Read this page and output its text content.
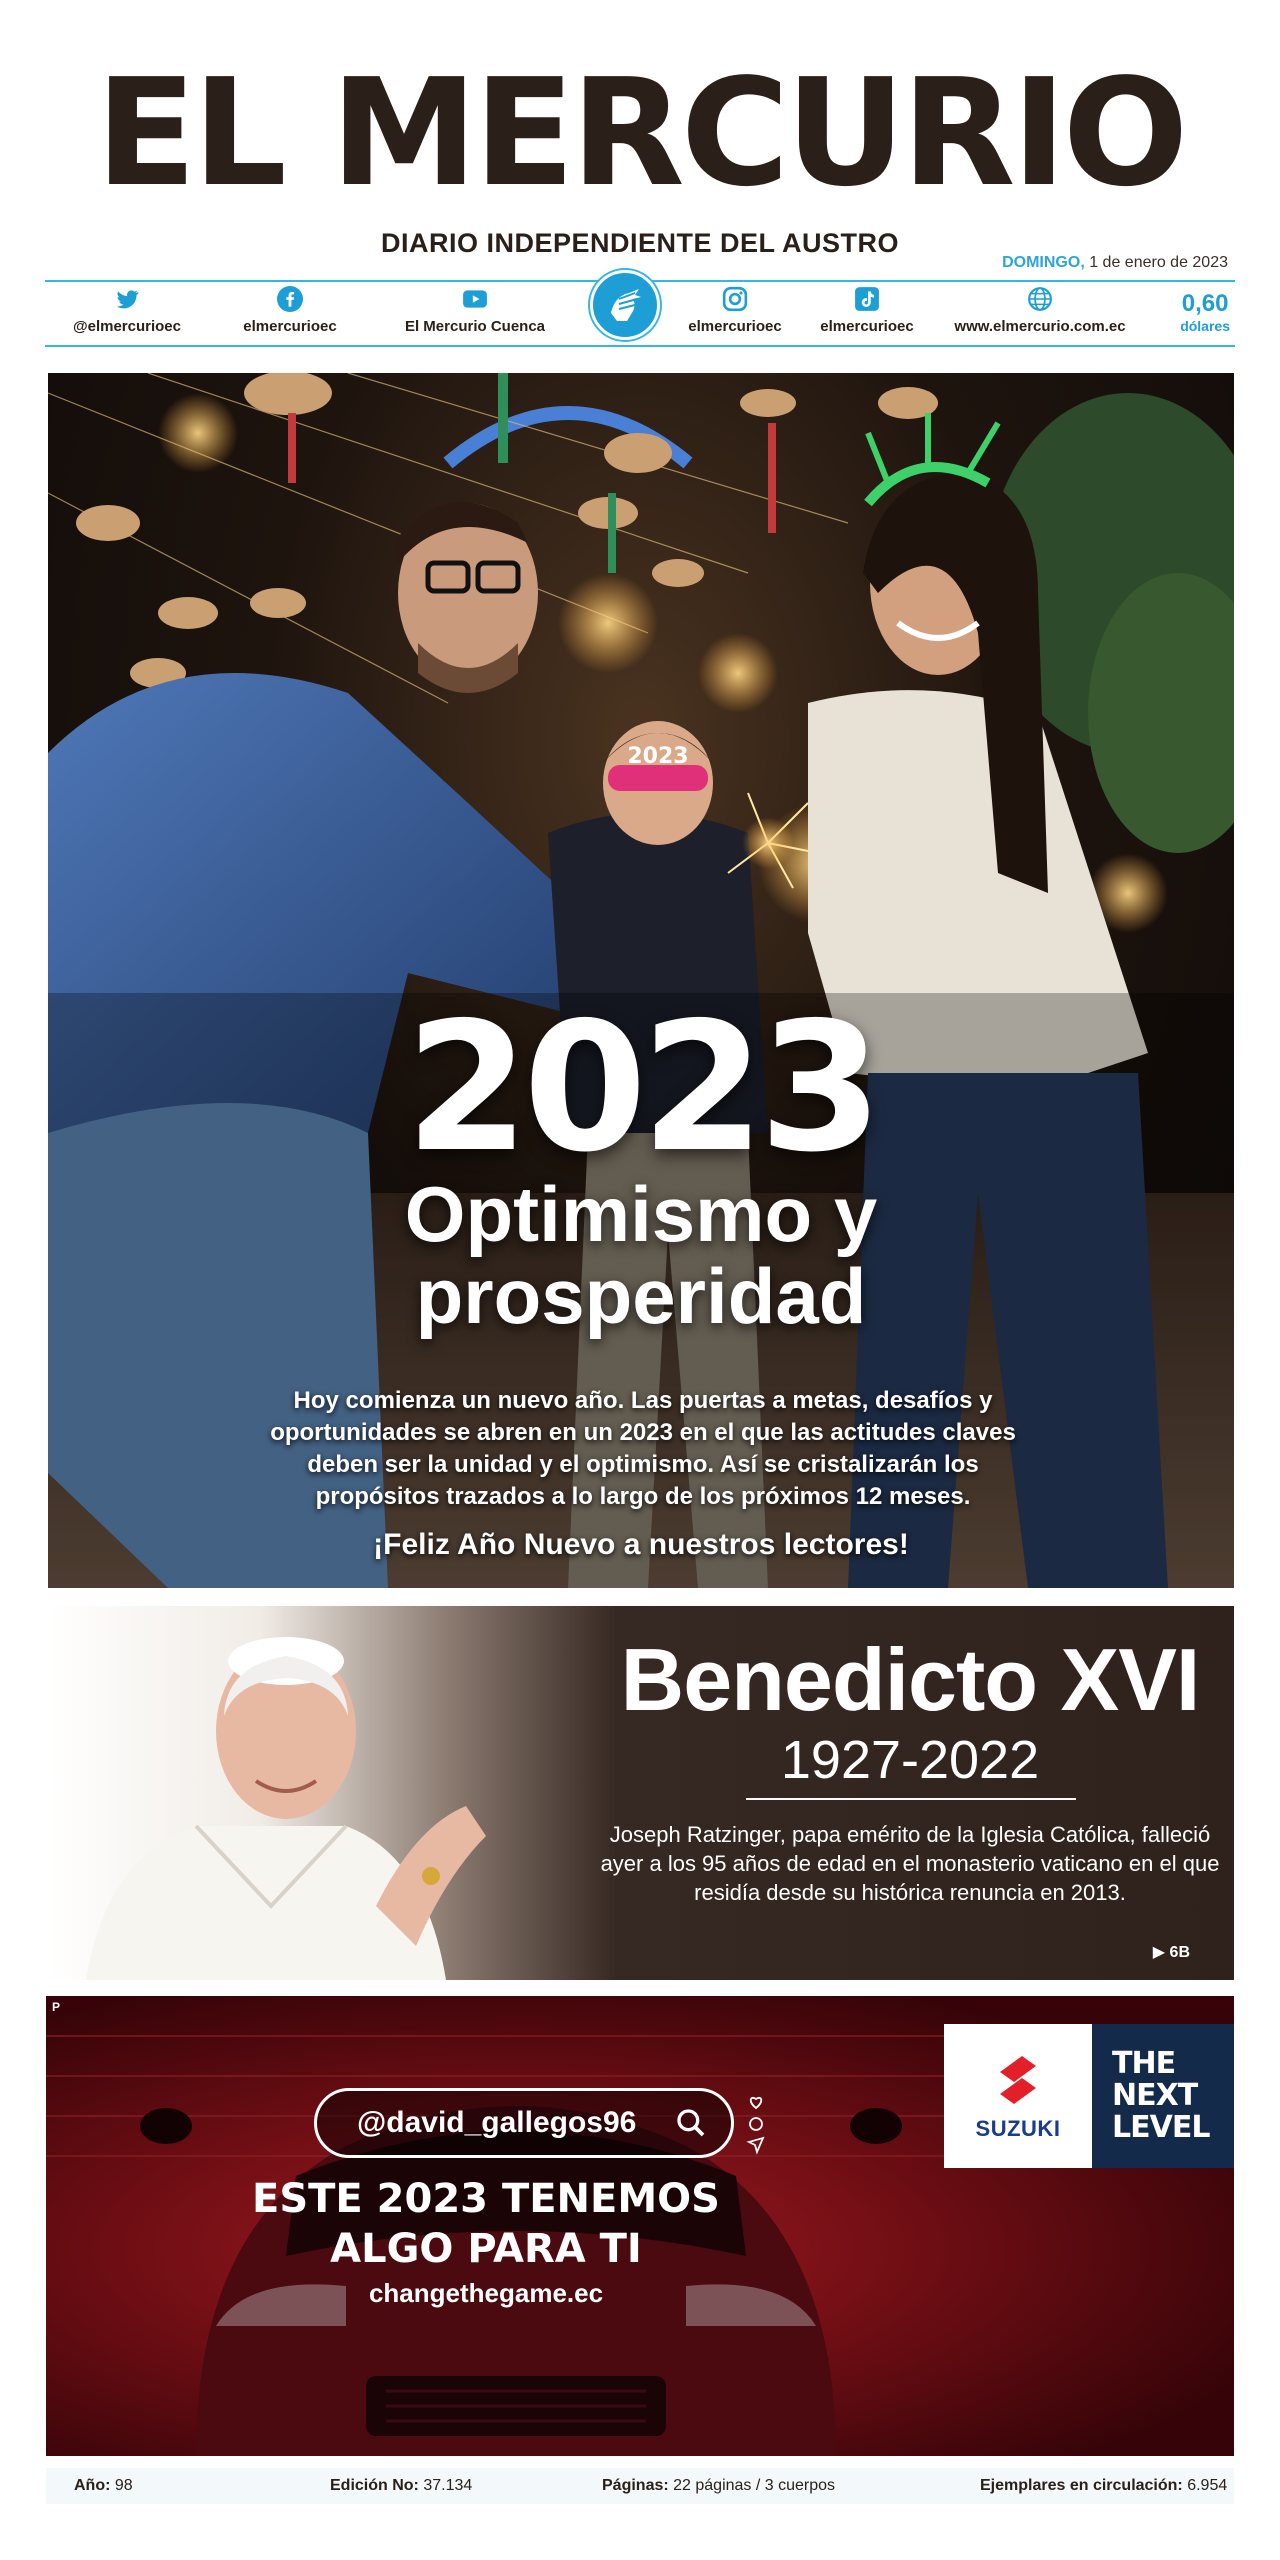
EL MERCURIO
DIARIO INDEPENDIENTE DEL AUSTRO
DOMINGO, 1 de enero de 2023
@elmercurioec	elmercurioec	El Mercurio Cuenca	elmercurioec	elmercurioec	www.elmercurio.com.ec
0,60
dólares
2023
2023
Optimismo y
prosperidad
Hoy comienza un nuevo año. Las puertas a metas, desafíos y oportunidades se abren en un 2023 en el que las actitudes claves deben ser la unidad y el optimismo. Así se cristalizarán los propósitos trazados a lo largo de los próximos 12 meses.
¡Feliz Año Nuevo a nuestros lectores!
Benedicto XVI
1927-2022
Joseph Ratzinger, papa emérito de la Iglesia Católica, falleció ayer a los 95 años de edad en el monasterio vaticano en el que residía desde su histórica renuncia en 2013.
▶ 6B
P
@david_gallegos96
ESTE 2023 TENEMOS
ALGO PARA TI
changethegame.ec
SUZUKI
THE
NEXT
LEVEL
Año: 98	Edición No: 37.134	Páginas: 22 páginas / 3 cuerpos	Ejemplares en circulación: 6.954
